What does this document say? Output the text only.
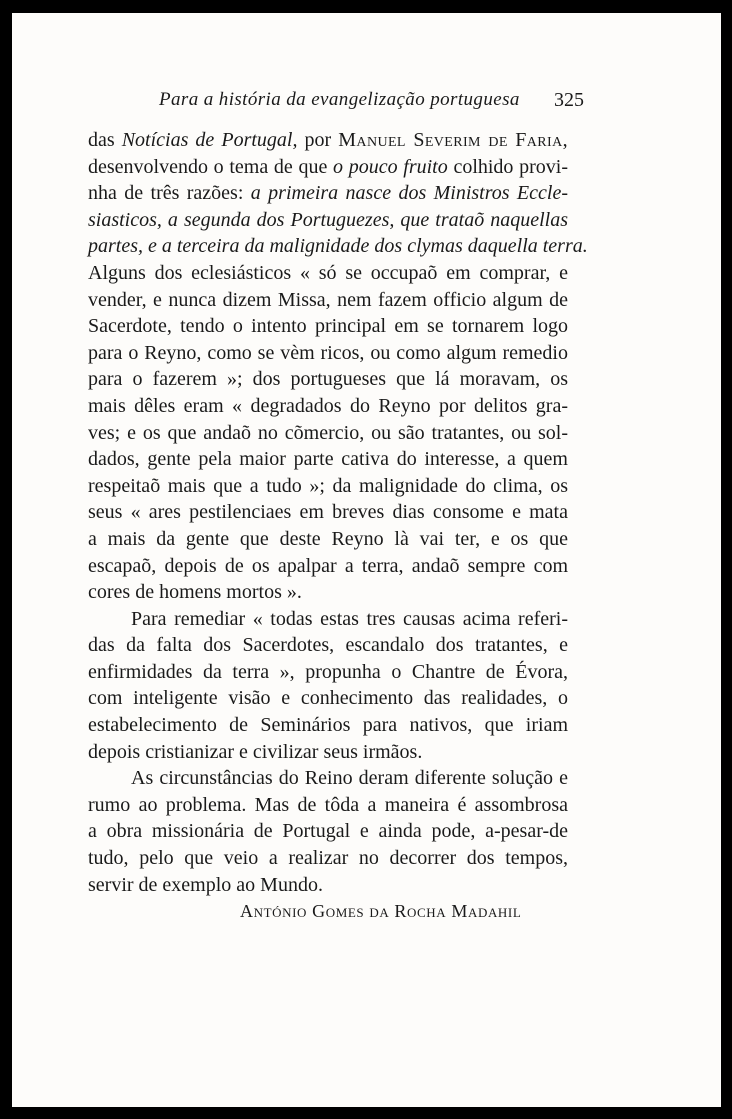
Para a história da evangelização portuguesa 325
das Notícias de Portugal, por Manuel Severim de Faria,
desenvolvendo o tema de que o pouco fruito colhido provi-
nha de três razões: a primeira nasce dos Ministros Eccle-
siasticos, a segunda dos Portuguezes, que trataõ naquellas
partes, e a terceira da malignidade dos clymas daquella terra.
Alguns dos eclesiásticos « só se occupaõ em comprar, e
vender, e nunca dizem Missa, nem fazem officio algum de
Sacerdote, tendo o intento principal em se tornarem logo
para o Reyno, como se vèm ricos, ou como algum remedio
para o fazerem »; dos portugueses que lá moravam, os
mais dêles eram « degradados do Reyno por delitos gra-
ves; e os que andaõ no cõmercio, ou são tratantes, ou sol-
dados, gente pela maior parte cativa do interesse, a quem
respeitaõ mais que a tudo »; da malignidade do clima, os
seus « ares pestilenciaes em breves dias consome e mata
a mais da gente que deste Reyno là vai ter, e os que
escapaõ, depois de os apalpar a terra, andaõ sempre com
cores de homens mortos ».
Para remediar « todas estas tres causas acima referi-
das da falta dos Sacerdotes, escandalo dos tratantes, e
enfirmidades da terra », propunha o Chantre de Évora,
com inteligente visão e conhecimento das realidades, o
estabelecimento de Seminários para nativos, que iriam
depois cristianizar e civilizar seus irmãos.
As circunstâncias do Reino deram diferente solução e
rumo ao problema. Mas de tôda a maneira é assombrosa
a obra missionária de Portugal e ainda pode, a-pesar-de
tudo, pelo que veio a realizar no decorrer dos tempos,
servir de exemplo ao Mundo.
António Gomes da Rocha Madahil
